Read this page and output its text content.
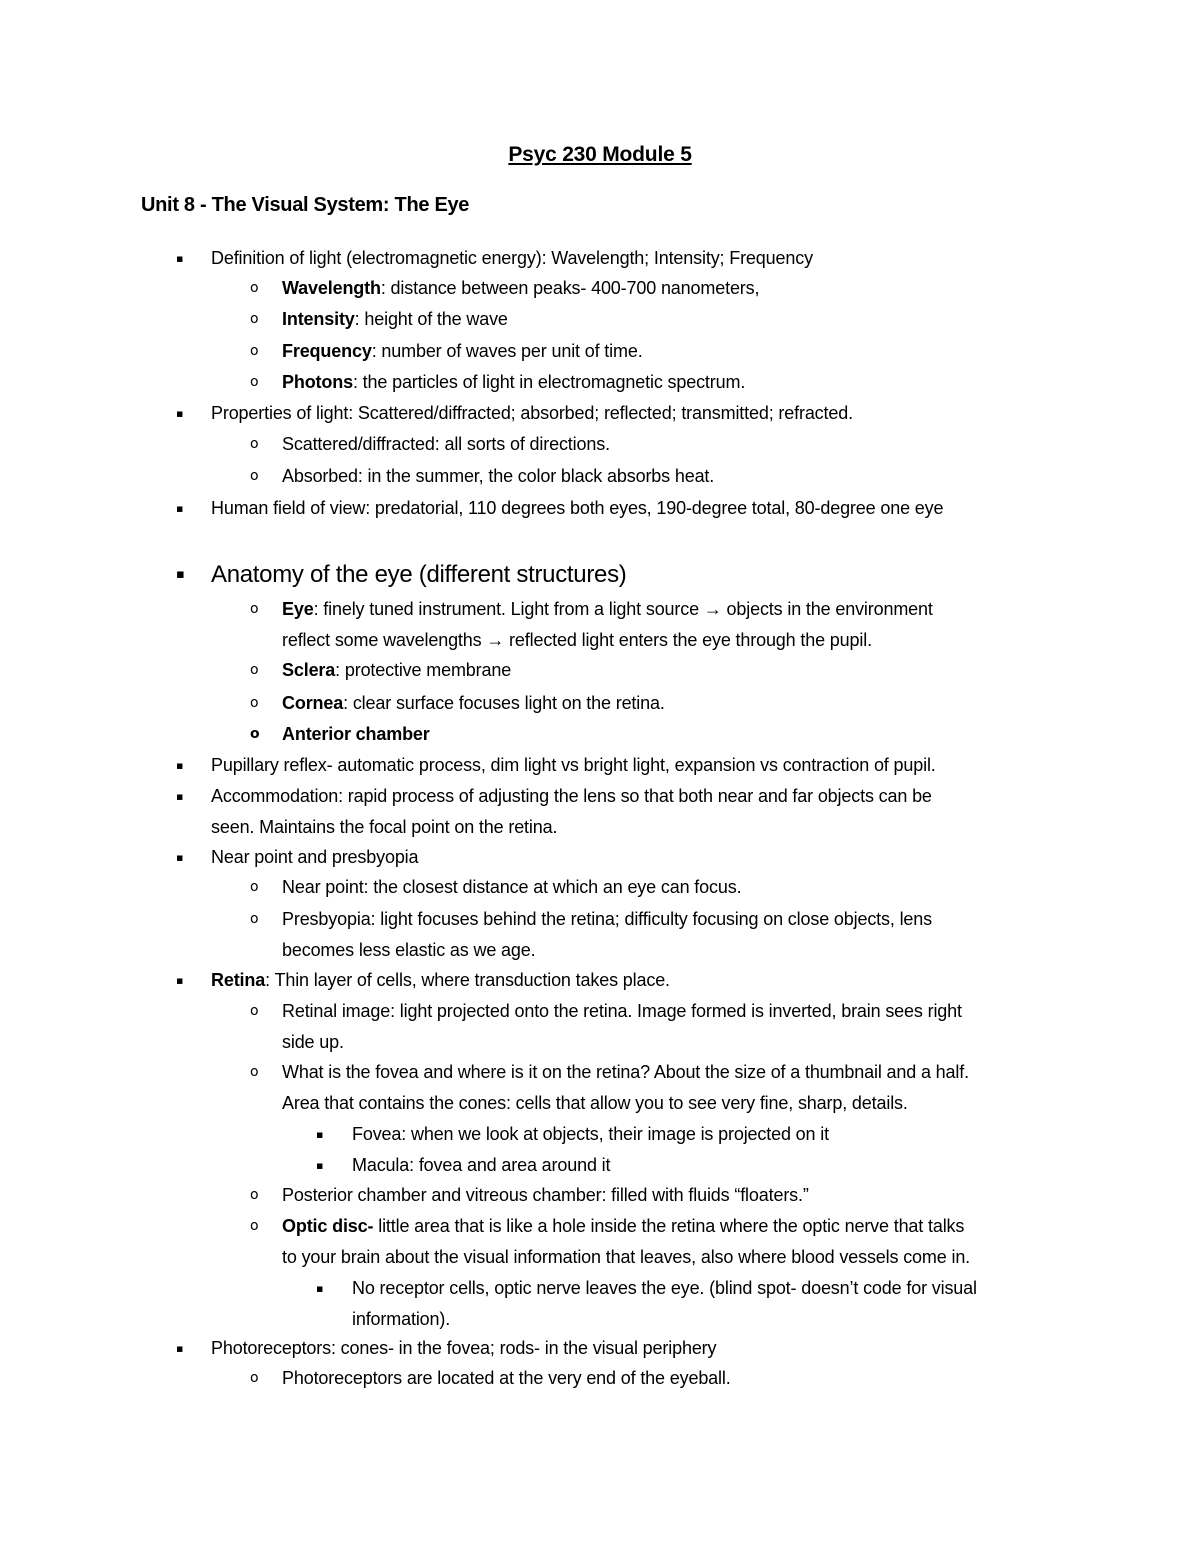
Psyc 230 Module 5
Unit 8 - The Visual System: The Eye
▪ Definition of light (electromagnetic energy): Wavelength; Intensity; Frequency
o Wavelength: distance between peaks- 400-700 nanometers,
o Intensity: height of the wave
o Frequency: number of waves per unit of time.
o Photons: the particles of light in electromagnetic spectrum.
▪ Properties of light: Scattered/diffracted; absorbed; reflected; transmitted; refracted.
o Scattered/diffracted: all sorts of directions.
o Absorbed: in the summer, the color black absorbs heat.
▪ Human field of view: predatorial, 110 degrees both eyes, 190-degree total, 80-degree one eye
▪ Anatomy of the eye (different structures)
o Eye: finely tuned instrument. Light from a light source → objects in the environment
reflect some wavelengths → reflected light enters the eye through the pupil.
o Sclera: protective membrane
o Cornea: clear surface focuses light on the retina.
o Anterior chamber
▪ Pupillary reflex- automatic process, dim light vs bright light, expansion vs contraction of pupil.
▪ Accommodation: rapid process of adjusting the lens so that both near and far objects can be
seen. Maintains the focal point on the retina.
▪ Near point and presbyopia
o Near point: the closest distance at which an eye can focus.
o Presbyopia: light focuses behind the retina; difficulty focusing on close objects, lens
becomes less elastic as we age.
▪ Retina: Thin layer of cells, where transduction takes place.
o Retinal image: light projected onto the retina. Image formed is inverted, brain sees right
side up.
o What is the fovea and where is it on the retina? About the size of a thumbnail and a half.
Area that contains the cones: cells that allow you to see very fine, sharp, details.
▪ Fovea: when we look at objects, their image is projected on it
▪ Macula: fovea and area around it
o Posterior chamber and vitreous chamber: filled with fluids “floaters.”
o Optic disc- little area that is like a hole inside the retina where the optic nerve that talks
to your brain about the visual information that leaves, also where blood vessels come in.
▪ No receptor cells, optic nerve leaves the eye. (blind spot- doesn’t code for visual
information).
▪ Photoreceptors: cones- in the fovea; rods- in the visual periphery
o Photoreceptors are located at the very end of the eyeball.
